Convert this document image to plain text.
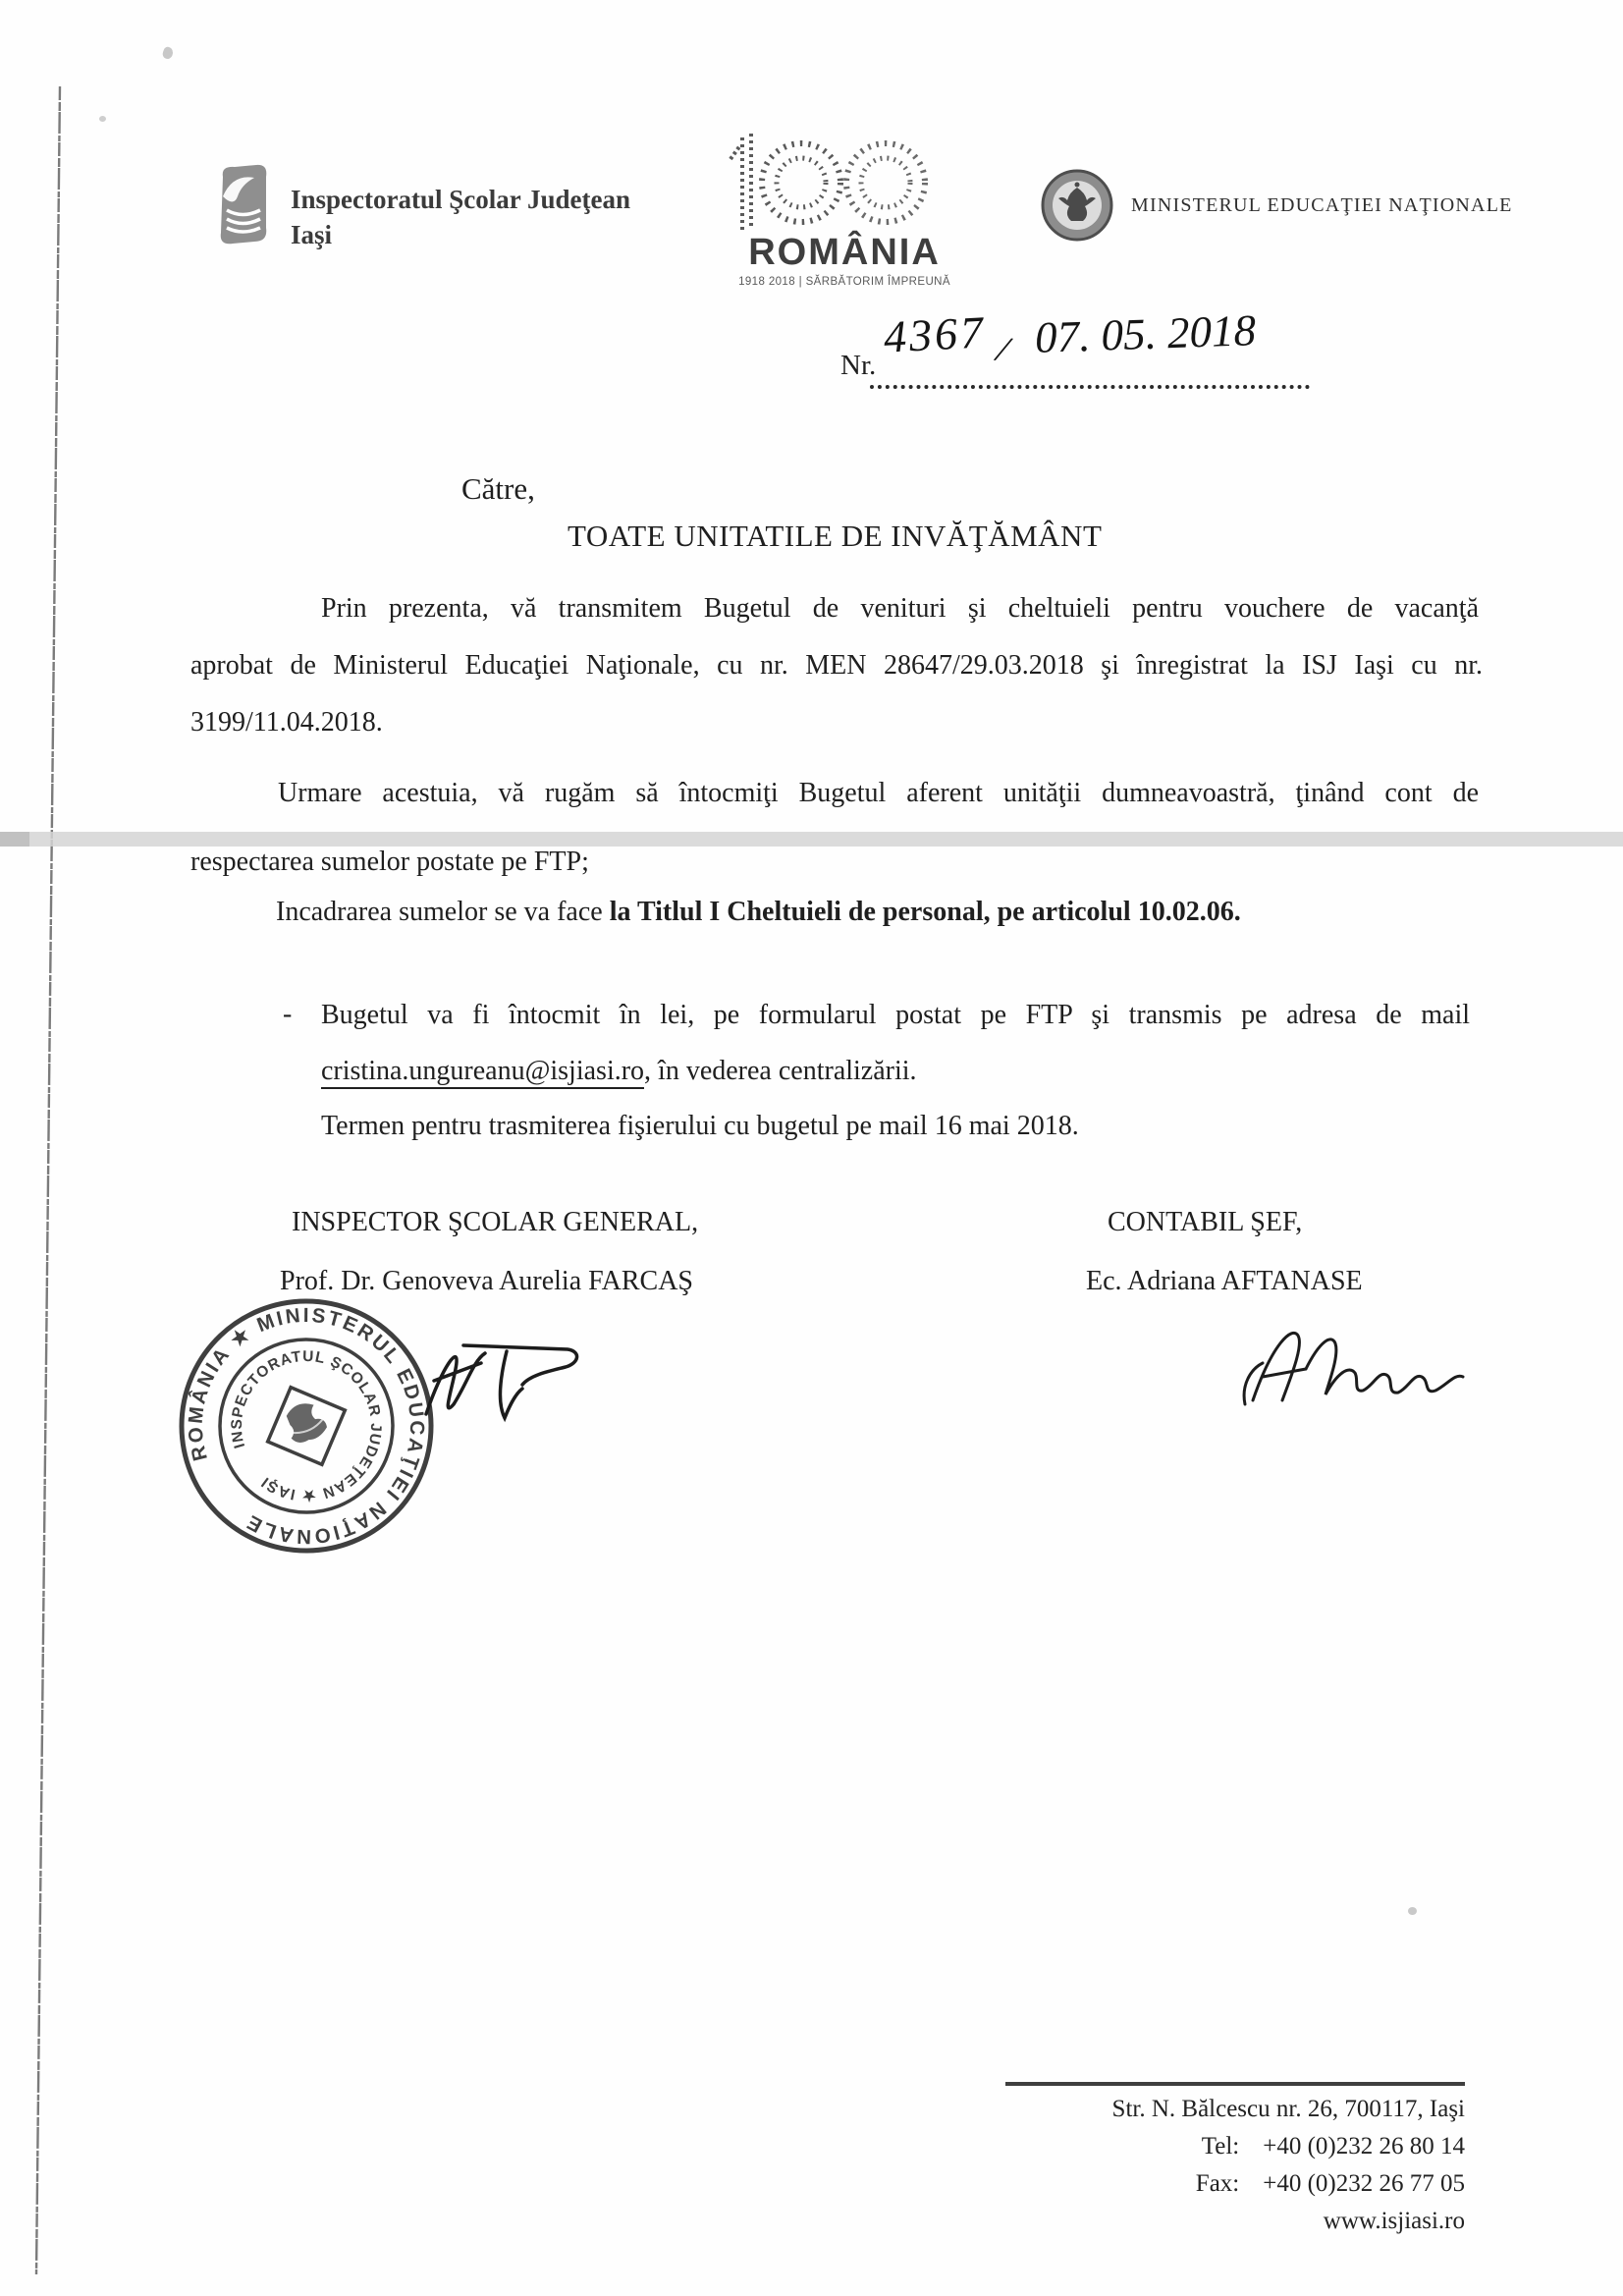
Inspectoratul Şcolar Judeţean
Iaşi	ROMÂNIA
1918 2018 | SĂRBĂTORIM ÎMPREUNĂ
MINISTERUL EDUCAŢIEI NAŢIONALE
Nr.
4367 / 07. 05. 2018
Către,
TOATE UNITATILE DE INVĂŢĂMÂNT
Prin prezenta, vă transmitem Bugetul de venituri şi cheltuieli pentru vouchere de vacanţă
aprobat de Ministerul Educaţiei Naţionale, cu nr. MEN 28647/29.03.2018 şi înregistrat la ISJ Iaşi cu nr.
3199/11.04.2018.
Urmare acestuia, vă rugăm să întocmiţi Bugetul aferent unităţii dumneavoastră, ţinând cont de
respectarea sumelor postate pe FTP;
Incadrarea sumelor se va face la Titlul I Cheltuieli de personal, pe articolul 10.02.06.
- Bugetul va fi întocmit în lei, pe formularul postat pe FTP şi transmis pe adresa de mail
cristina.ungureanu@isjiasi.ro, în vederea centralizării.
Termen pentru trasmiterea fişierului cu bugetul pe mail 16 mai 2018.
INSPECTOR ŞCOLAR GENERAL,	CONTABIL ŞEF,
Prof. Dr. Genoveva Aurelia FARCAŞ	Ec. Adriana AFTANASE
ROMÂNIA ★ MINISTERUL EDUCAŢIEI NAŢIONALE
INSPECTORATUL ŞCOLAR JUDEŢEAN ★ IAŞI
Str. N. Bălcescu nr. 26, 700117, Iaşi
Tel: +40 (0)232 26 80 14
Fax: +40 (0)232 26 77 05
www.isjiasi.ro
